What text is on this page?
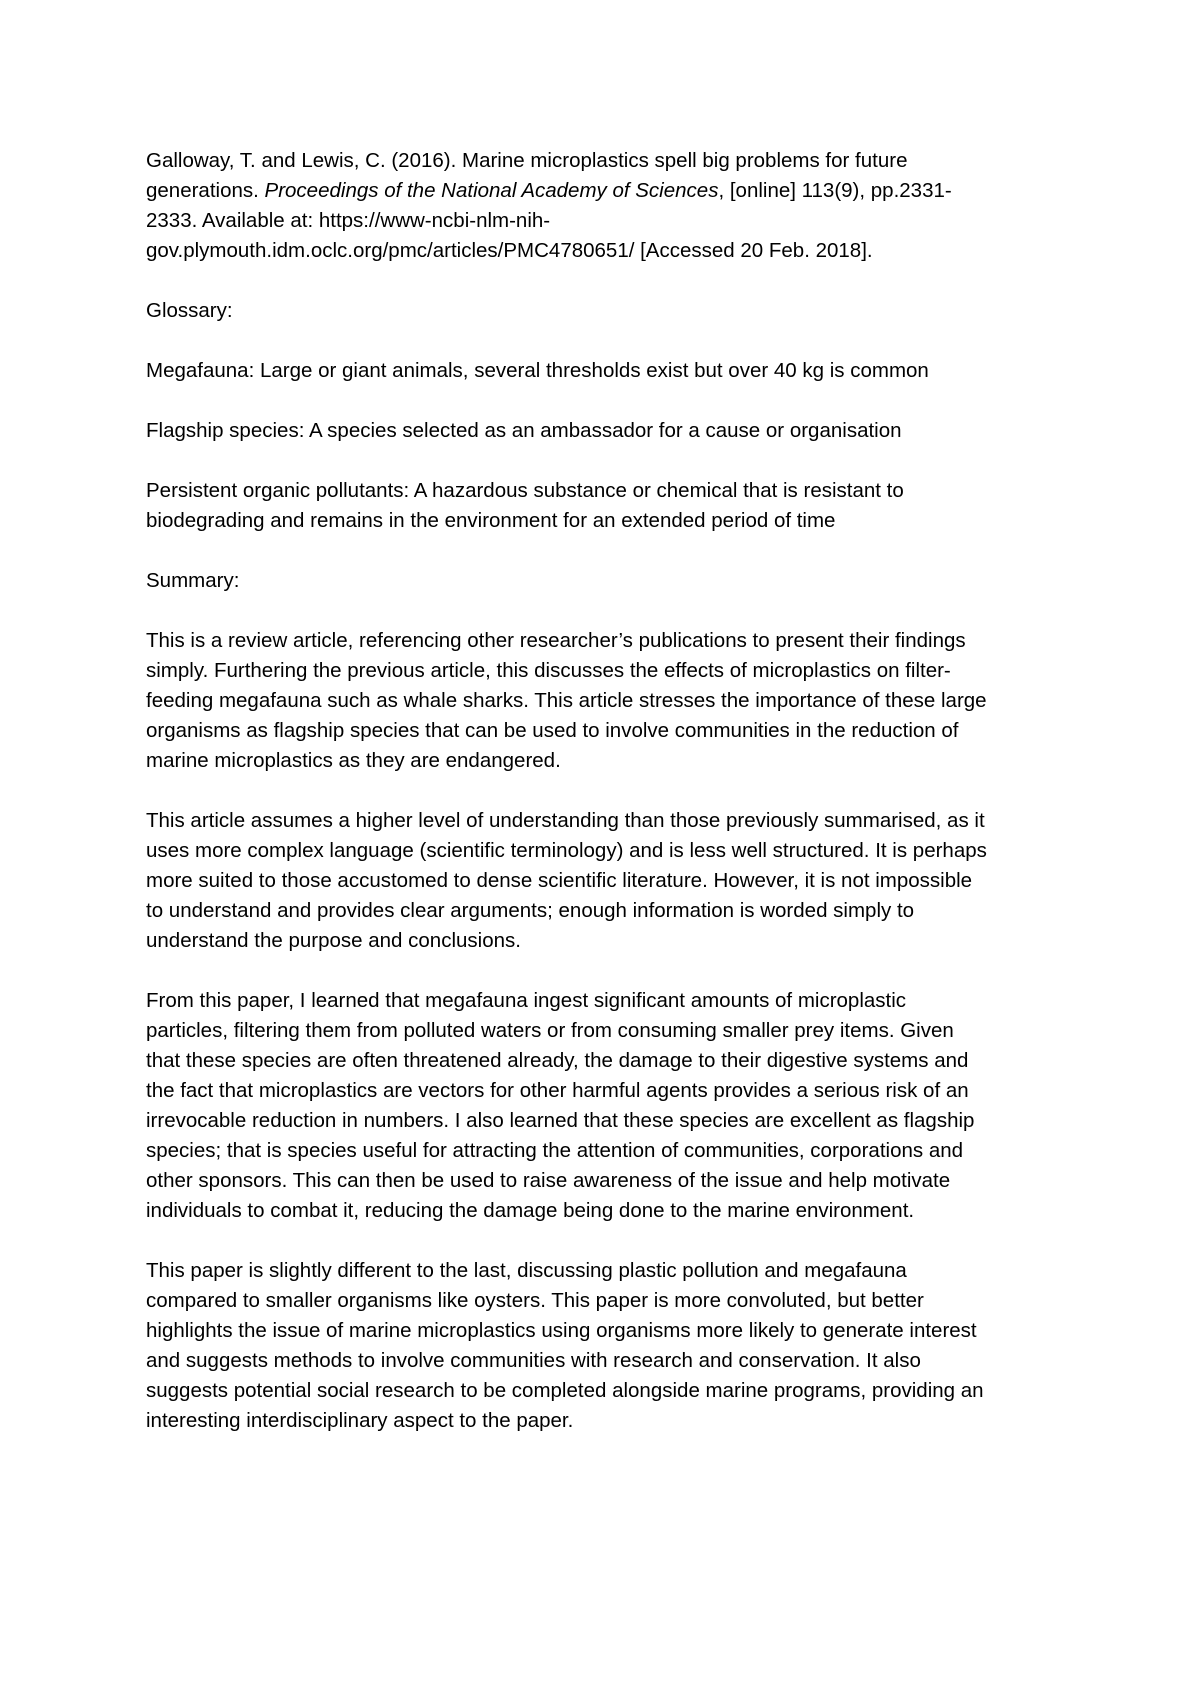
Galloway, T. and Lewis, C. (2016). Marine microplastics spell big problems for future
generations. Proceedings of the National Academy of Sciences, [online] 113(9), pp.2331-
2333. Available at: https://www-ncbi-nlm-nih-
gov.plymouth.idm.oclc.org/pmc/articles/PMC4780651/ [Accessed 20 Feb. 2018].

Glossary:

Megafauna: Large or giant animals, several thresholds exist but over 40 kg is common

Flagship species: A species selected as an ambassador for a cause or organisation

Persistent organic pollutants: A hazardous substance or chemical that is resistant to
biodegrading and remains in the environment for an extended period of time

Summary:

This is a review article, referencing other researcher’s publications to present their findings
simply. Furthering the previous article, this discusses the effects of microplastics on filter-
feeding megafauna such as whale sharks. This article stresses the importance of these large
organisms as flagship species that can be used to involve communities in the reduction of
marine microplastics as they are endangered.

This article assumes a higher level of understanding than those previously summarised, as it
uses more complex language (scientific terminology) and is less well structured. It is perhaps
more suited to those accustomed to dense scientific literature. However, it is not impossible
to understand and provides clear arguments; enough information is worded simply to
understand the purpose and conclusions.

From this paper, I learned that megafauna ingest significant amounts of microplastic
particles, filtering them from polluted waters or from consuming smaller prey items. Given
that these species are often threatened already, the damage to their digestive systems and
the fact that microplastics are vectors for other harmful agents provides a serious risk of an
irrevocable reduction in numbers. I also learned that these species are excellent as flagship
species; that is species useful for attracting the attention of communities, corporations and
other sponsors. This can then be used to raise awareness of the issue and help motivate
individuals to combat it, reducing the damage being done to the marine environment.

This paper is slightly different to the last, discussing plastic pollution and megafauna
compared to smaller organisms like oysters. This paper is more convoluted, but better
highlights the issue of marine microplastics using organisms more likely to generate interest
and suggests methods to involve communities with research and conservation. It also
suggests potential social research to be completed alongside marine programs, providing an
interesting interdisciplinary aspect to the paper.
